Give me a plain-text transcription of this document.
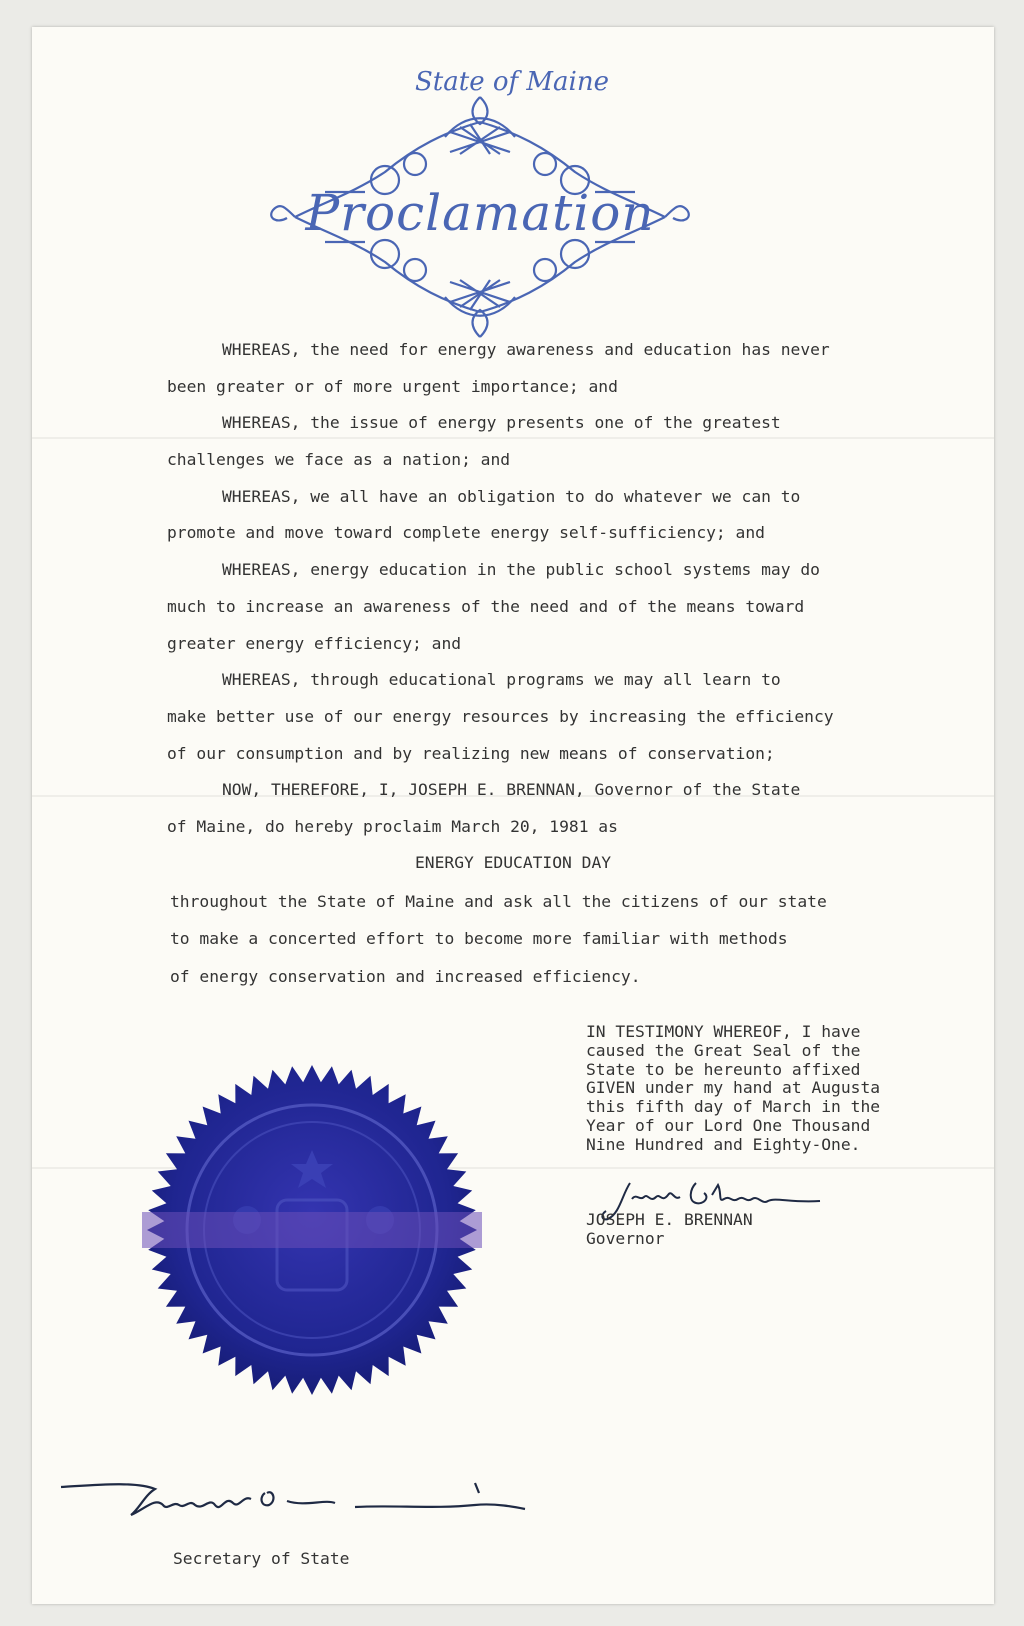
State of Maine
Proclamation
WHEREAS, the need for energy awareness and education has never
been greater or of more urgent importance; and
WHEREAS, the issue of energy presents one of the greatest
challenges we face as a nation; and
WHEREAS, we all have an obligation to do whatever we can to
promote and move toward complete energy self-sufficiency; and
WHEREAS, energy education in the public school systems may do
much to increase an awareness of the need and of the means toward
greater energy efficiency; and
WHEREAS, through educational programs we may all learn to
make better use of our energy resources by increasing the efficiency
of our consumption and by realizing new means of conservation;
NOW, THEREFORE, I, JOSEPH E. BRENNAN, Governor of the State
of Maine, do hereby proclaim March 20, 1981 as
ENERGY EDUCATION DAY
throughout the State of Maine and ask all the citizens of our state
to make a concerted effort to become more familiar with methods
of energy conservation and increased efficiency.
IN TESTIMONY WHEREOF, I have
caused the Great Seal of the
State to be hereunto affixed
GIVEN under my hand at Augusta
this fifth day of March in the
Year of our Lord One Thousand
Nine Hundred and Eighty-One.
JOSEPH E. BRENNAN
Governor
Secretary of State
